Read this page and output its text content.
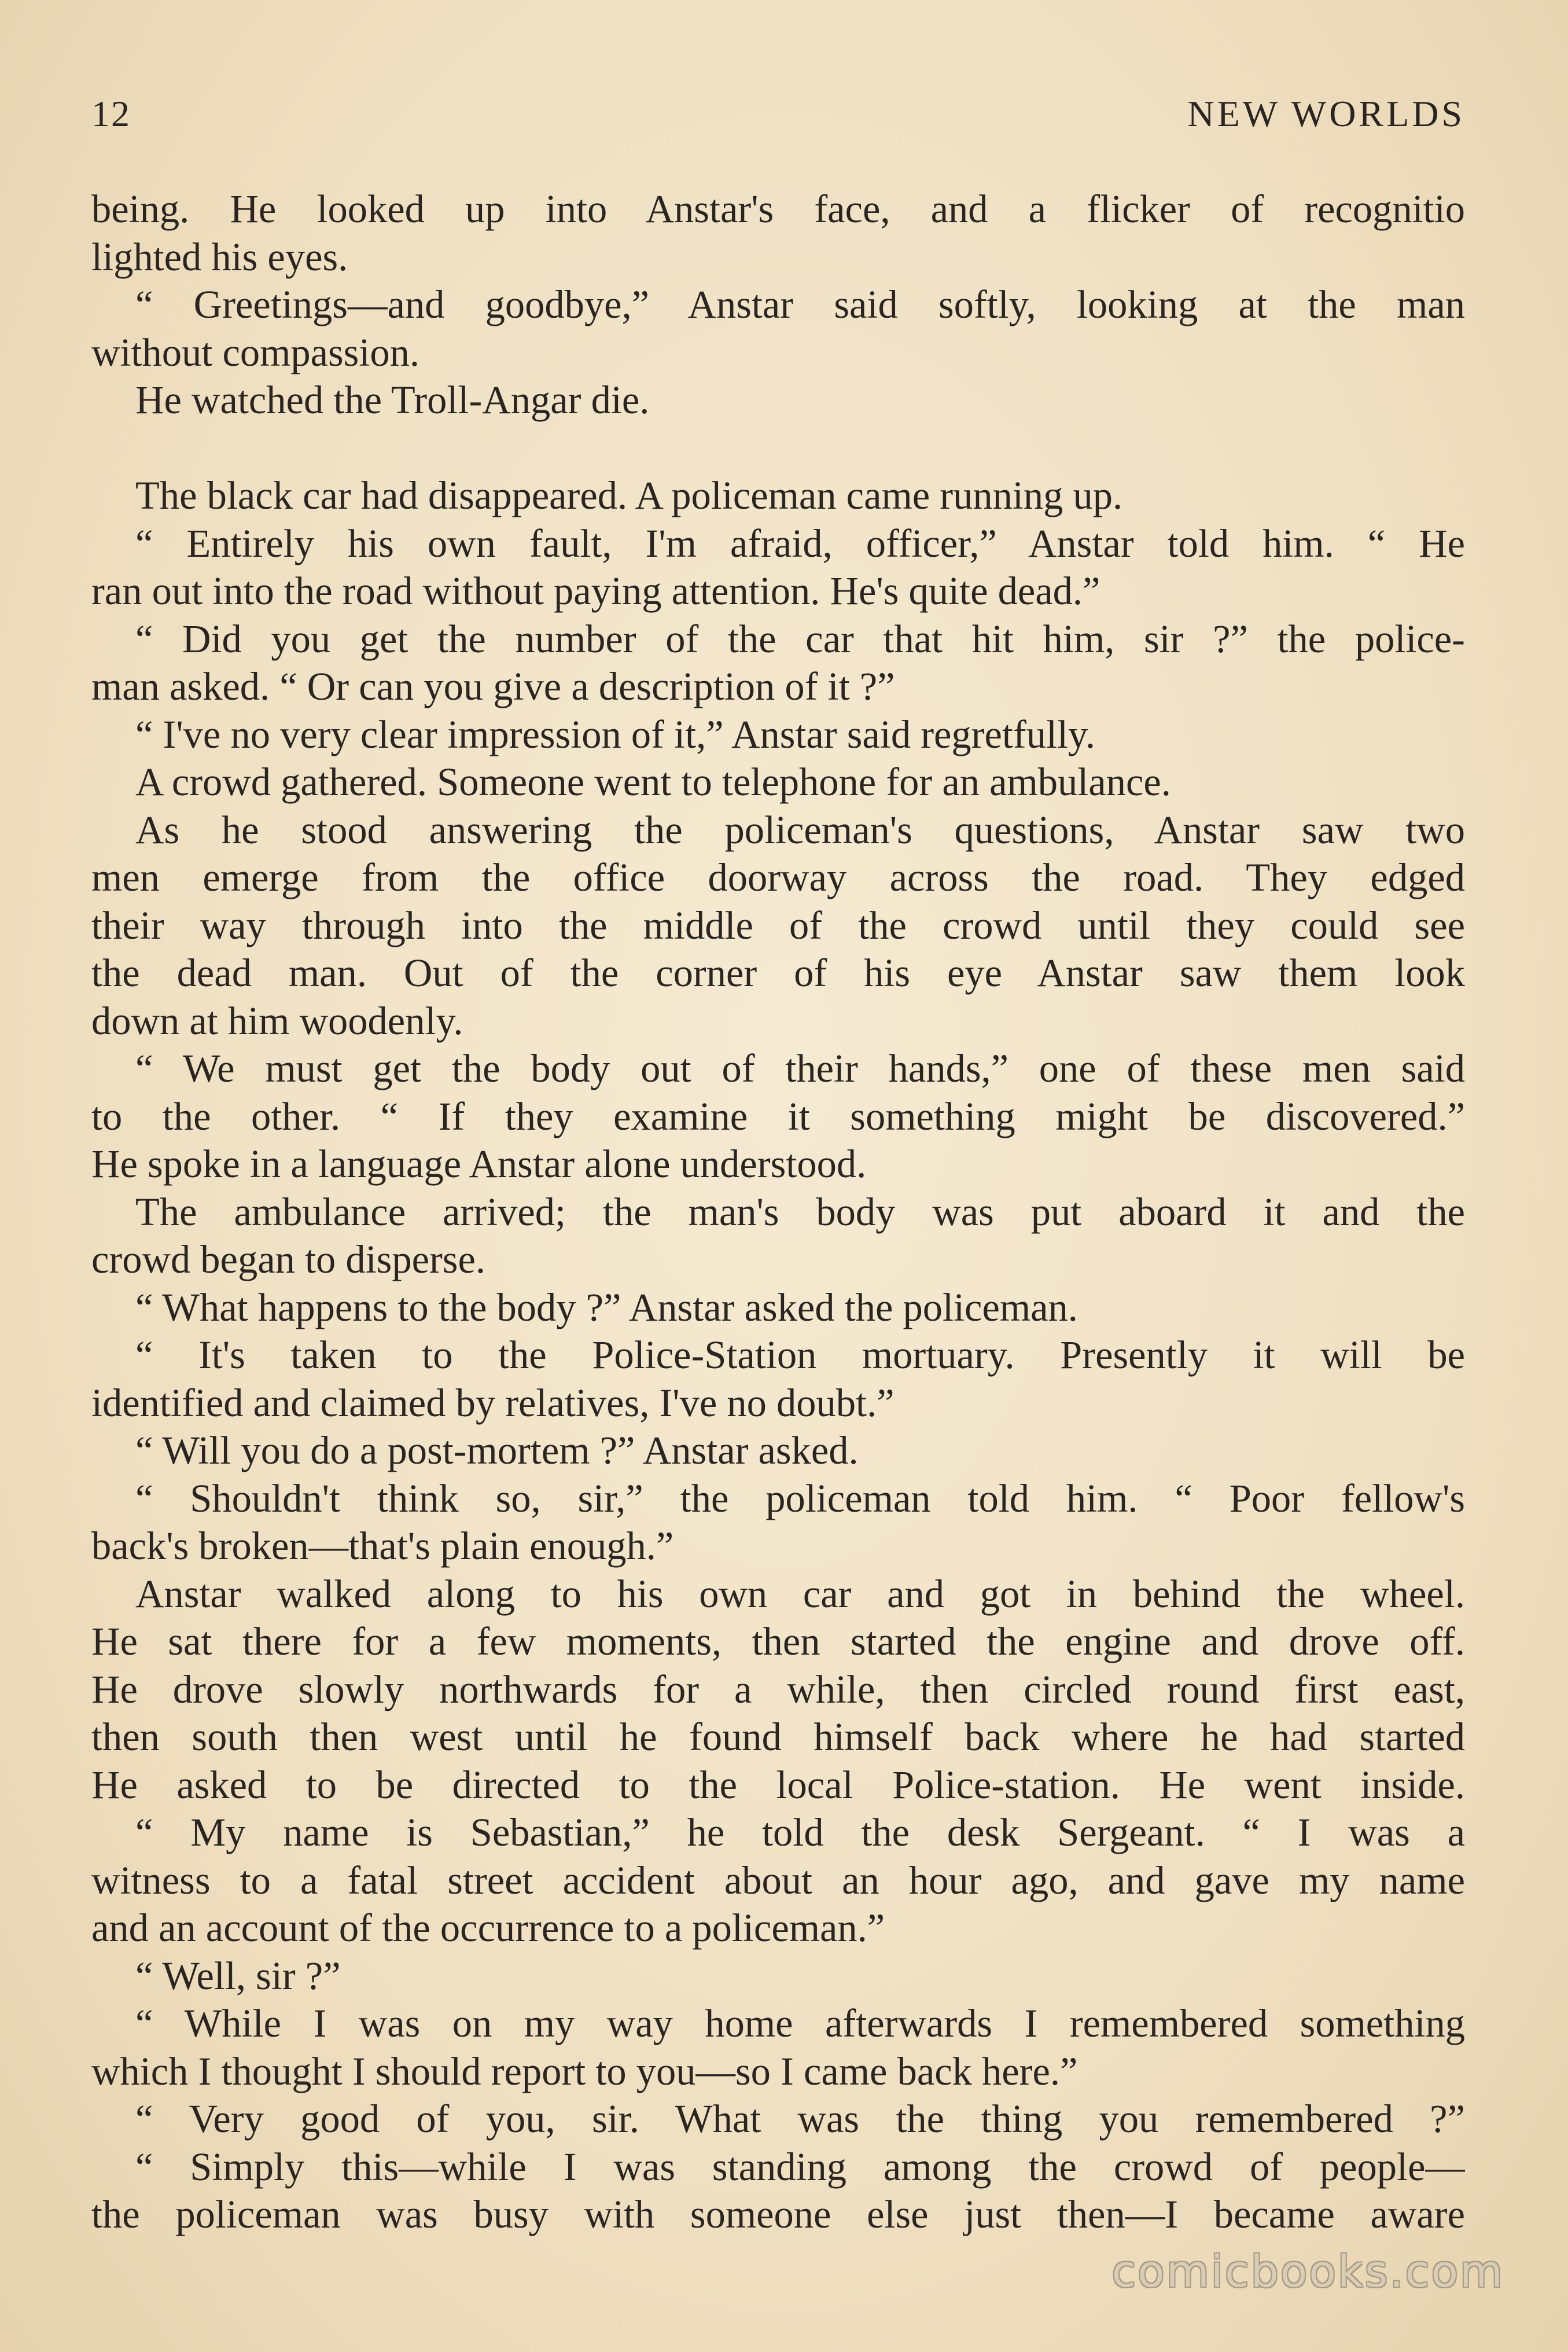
12	NEW WORLDS
being. He looked up into Anstar's face, and a flicker of recognitio
lighted his eyes.
“ Greetings—and goodbye,” Anstar said softly, looking at the man
without compassion.
He watched the Troll-Angar die.
The black car had disappeared. A policeman came running up.
“ Entirely his own fault, I'm afraid, officer,” Anstar told him. “ He
ran out into the road without paying attention. He's quite dead.”
“ Did you get the number of the car that hit him, sir ?” the police-
man asked. “ Or can you give a description of it ?”
“ I've no very clear impression of it,” Anstar said regretfully.
A crowd gathered. Someone went to telephone for an ambulance.
As he stood answering the policeman's questions, Anstar saw two
men emerge from the office doorway across the road. They edged
their way through into the middle of the crowd until they could see
the dead man. Out of the corner of his eye Anstar saw them look
down at him woodenly.
“ We must get the body out of their hands,” one of these men said
to the other. “ If they examine it something might be discovered.”
He spoke in a language Anstar alone understood.
The ambulance arrived; the man's body was put aboard it and the
crowd began to disperse.
“ What happens to the body ?” Anstar asked the policeman.
“ It's taken to the Police-Station mortuary. Presently it will be
identified and claimed by relatives, I've no doubt.”
“ Will you do a post-mortem ?” Anstar asked.
“ Shouldn't think so, sir,” the policeman told him. “ Poor fellow's
back's broken—that's plain enough.”
Anstar walked along to his own car and got in behind the wheel.
He sat there for a few moments, then started the engine and drove off.
He drove slowly northwards for a while, then circled round first east,
then south then west until he found himself back where he had started
He asked to be directed to the local Police-station. He went inside.
“ My name is Sebastian,” he told the desk Sergeant. “ I was a
witness to a fatal street accident about an hour ago, and gave my name
and an account of the occurrence to a policeman.”
“ Well, sir ?”
“ While I was on my way home afterwards I remembered something
which I thought I should report to you—so I came back here.”
“ Very good of you, sir. What was the thing you remembered ?”
“ Simply this—while I was standing among the crowd of people—
the policeman was busy with someone else just then—I became aware
comicbooks.com
